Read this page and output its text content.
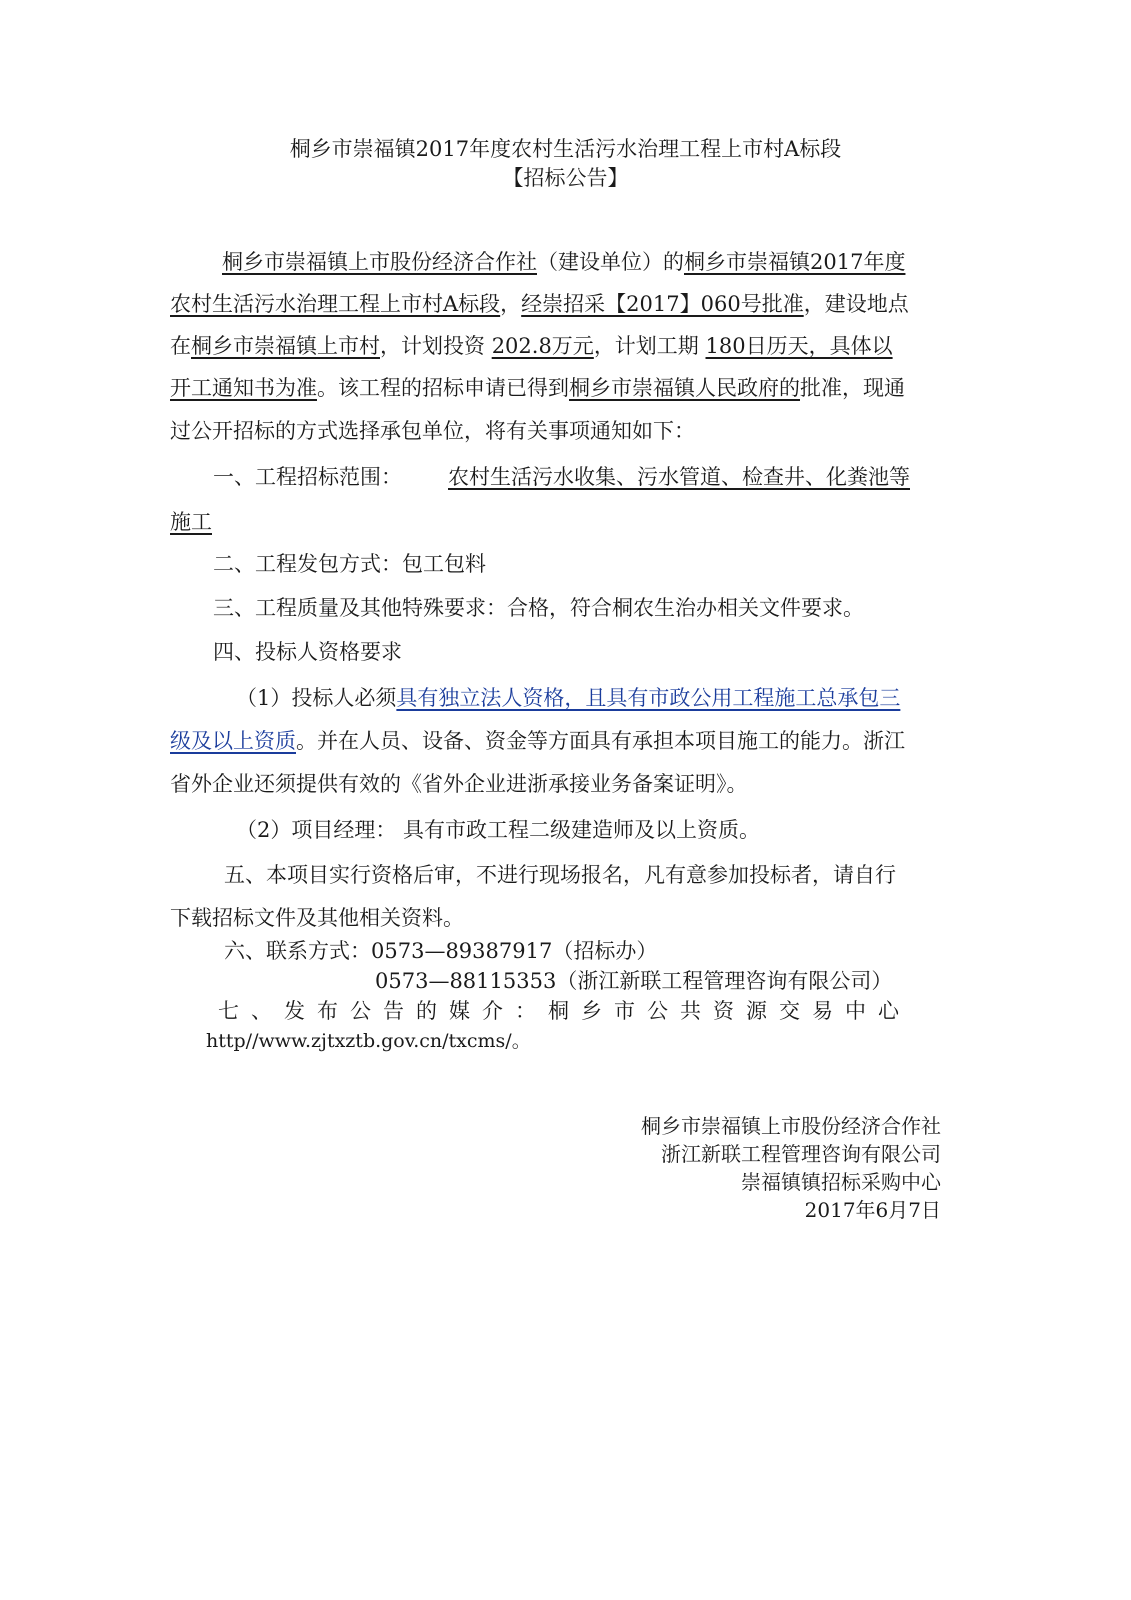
桐乡市崇福镇2017年度农村生活污水治理工程上市村A标段
【招标公告】
桐乡市崇福镇上市股份经济合作社（建设单位）的桐乡市崇福镇2017年度
农村生活污水治理工程上市村A标段，经崇招采【2017】060号批准，建设地点
在桐乡市崇福镇上市村，计划投资 202.8万元，计划工期 180日历天，具体以
开工通知书为准。该工程的招标申请已得到桐乡市崇福镇人民政府的批准，现通
过公开招标的方式选择承包单位，将有关事项通知如下：
一、工程招标范围： 农村生活污水收集、污水管道、检查井、化粪池等
施工
二、工程发包方式：包工包料
三、工程质量及其他特殊要求：合格，符合桐农生治办相关文件要求。
四、投标人资格要求
（1）投标人必须具有独立法人资格，且具有市政公用工程施工总承包三
级及以上资质。并在人员、设备、资金等方面具有承担本项目施工的能力。浙江
省外企业还须提供有效的《省外企业进浙承接业务备案证明》。
（2）项目经理： 具有市政工程二级建造师及以上资质。
五、本项目实行资格后审，不进行现场报名，凡有意参加投标者，请自行
下载招标文件及其他相关资料。
六、联系方式：0573—89387917（招标办）
0573—88115353（浙江新联工程管理咨询有限公司）
七、发布公告的媒介：桐乡市公共资源交易中心
http//www.zjtxztb.gov.cn/txcms/。
桐乡市崇福镇上市股份经济合作社
浙江新联工程管理咨询有限公司
崇福镇镇招标采购中心
2017年6月7日
